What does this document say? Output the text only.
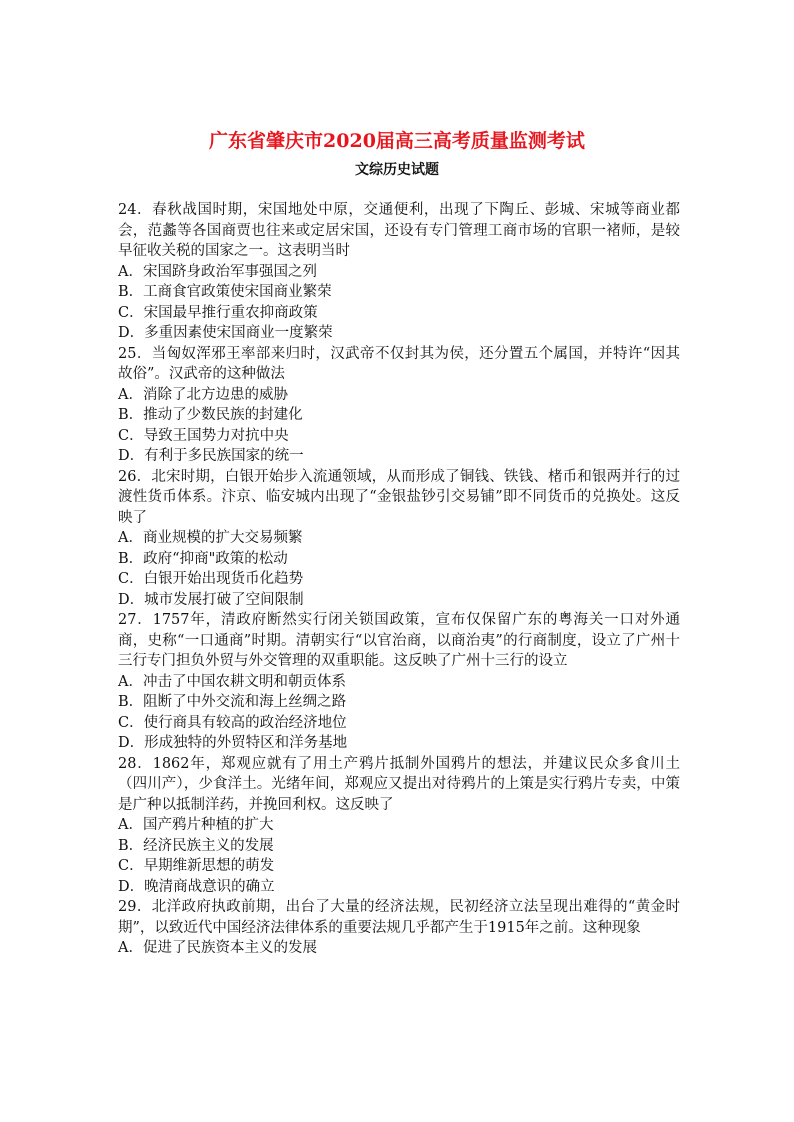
广东省肇庆市2020届高三高考质量监测考试
文综历史试题

24．春秋战国时期，宋国地处中原，交通便利，出现了下陶丘、彭城、宋城等商业都会，范蠡等各国商贾也往来或定居宋国，还设有专门管理工商市场的官职一褚师，是较早征收关税的国家之一。这表明当时

A．宋国跻身政治军事强国之列

B．工商食官政策使宋国商业繁荣

C．宋国最早推行重农抑商政策

D．多重因素使宋国商业一度繁荣

25．当匈奴浑邪王率部来归时，汉武帝不仅封其为侯，还分置五个属国，并特许“因其故俗”。汉武帝的这种做法

A．消除了北方边患的威胁

B．推动了少数民族的封建化

C．导致王国势力对抗中央

D．有利于多民族国家的统一

26．北宋时期，白银开始步入流通领域，从而形成了铜钱、铁钱、楮币和银两并行的过渡性货币体系。汴京、临安城内出现了“金银盐钞引交易铺”即不同货币的兑换处。这反映了

A．商业规模的扩大交易频繁

B．政府“抑商"政策的松动

C．白银开始出现货币化趋势

D．城市发展打破了空间限制

27．1757年，清政府断然实行闭关锁国政策，宣布仅保留广东的粤海关一口对外通商，史称“一口通商”时期。清朝实行“以官治商，以商治夷”的行商制度，设立了广州十三行专门担负外贸与外交管理的双重职能。这反映了广州十三行的设立

A．冲击了中国农耕文明和朝贡体系

B．阻断了中外交流和海上丝绸之路

C．使行商具有较高的政治经济地位

D．形成独特的外贸特区和洋务基地

28．1862年，郑观应就有了用土产鸦片抵制外国鸦片的想法，并建议民众多食川土（四川产），少食洋土。光绪年间，郑观应又提出对待鸦片的上策是实行鸦片专卖，中策是广种以抵制洋药，并挽回利权。这反映了

A．国产鸦片种植的扩大

B．经济民族主义的发展

C．早期维新思想的萌发

D．晚清商战意识的确立

29．北洋政府执政前期，出台了大量的经济法规，民初经济立法呈现出难得的“黄金时期”，以致近代中国经济法律体系的重要法规几乎都产生于1915年之前。这种现象

A．促进了民族资本主义的发展
